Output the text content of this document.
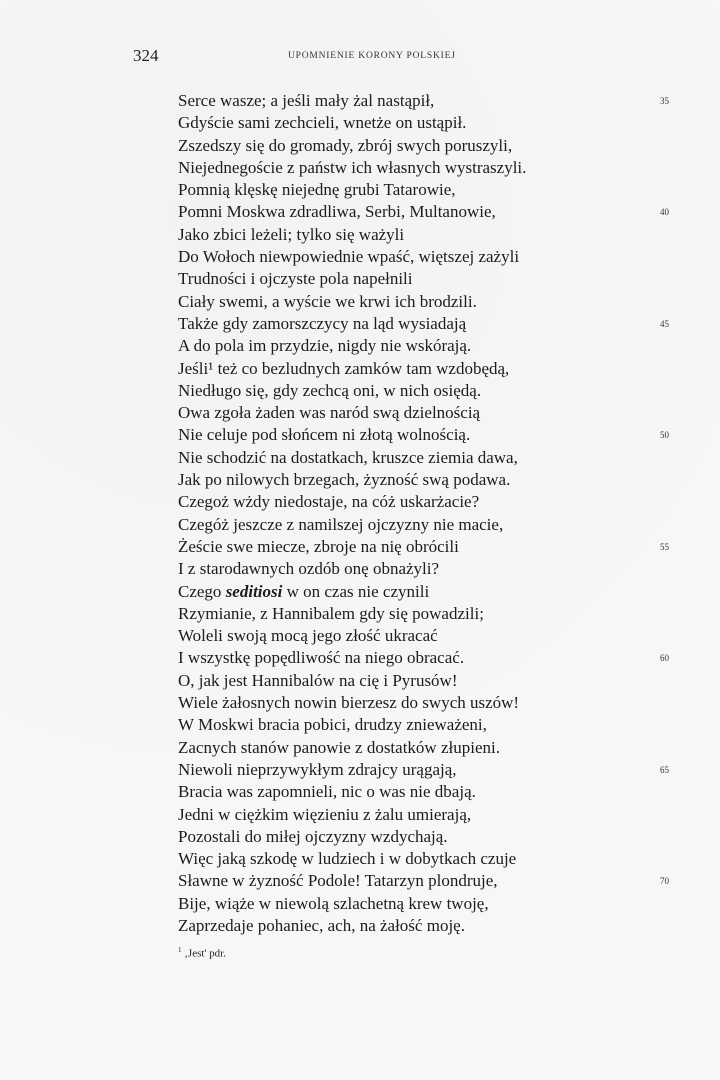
324	UPOMNIENIE KORONY POLSKIEJ
Serce wasze; a jeśli mały żal nastąpił,	35
Gdyście sami zechcieli, wnetże on ustąpił.
Zszedszy się do gromady, zbrój swych poruszyli,
Niejednegoście z państw ich własnych wystraszyli.
Pomnią klęskę niejednę grubi Tatarowie,
Pomni Moskwa zdradliwa, Serbi, Multanowie,	40
Jako zbici leżeli; tylko się ważyli
Do Wołoch niewpowiednie wpaść, więtszej zażyli
Trudności i ojczyste pola napełnili
Ciały swemi, a wyście we krwi ich brodzili.
Także gdy zamorszczycy na ląd wysiadają	45
A do pola im przydzie, nigdy nie wskórają.
Jeśli¹ też co bezludnych zamków tam wzdobędą,
Niedługo się, gdy zechcą oni, w nich osiędą.
Owa zgoła żaden was naród swą dzielnością
Nie celuje pod słońcem ni złotą wolnością.	50
Nie schodzić na dostatkach, kruszce ziemia dawa,
Jak po nilowych brzegach, żyzność swą podawa.
Czegoż wżdy niedostaje, na cóż uskarżacie?
Czegóż jeszcze z namilszej ojczyzny nie macie,
Żeście swe miecze, zbroje na nię obrócili	55
I z starodawnych ozdób onę obnażyli?
Czego seditiosi w on czas nie czynili
Rzymianie, z Hannibalem gdy się powadzili;
Woleli swoją mocą jego złość ukracać
I wszystkę popędliwość na niego obracać.	60
O, jak jest Hannibalów na cię i Pyrusów!
Wiele żałosnych nowin bierzesz do swych uszów!
W Moskwi bracia pobici, drudzy znieważeni,
Zacnych stanów panowie z dostatków złupieni.
Niewoli nieprzywykłym zdrajcy urągają,	65
Bracia was zapomnieli, nic o was nie dbają.
Jedni w ciężkim więzieniu z żalu umierają,
Pozostali do miłej ojczyzny wzdychają.
Więc jaką szkodę w ludziech i w dobytkach czuje
Sławne w żyzność Podole! Tatarzyn plondruje,	70
Bije, wiąże w niewolą szlachetną krew twoję,
Zaprzedaje pohaniec, ach, na żałość moję.
$^1$ ‚Jest' pdr.
